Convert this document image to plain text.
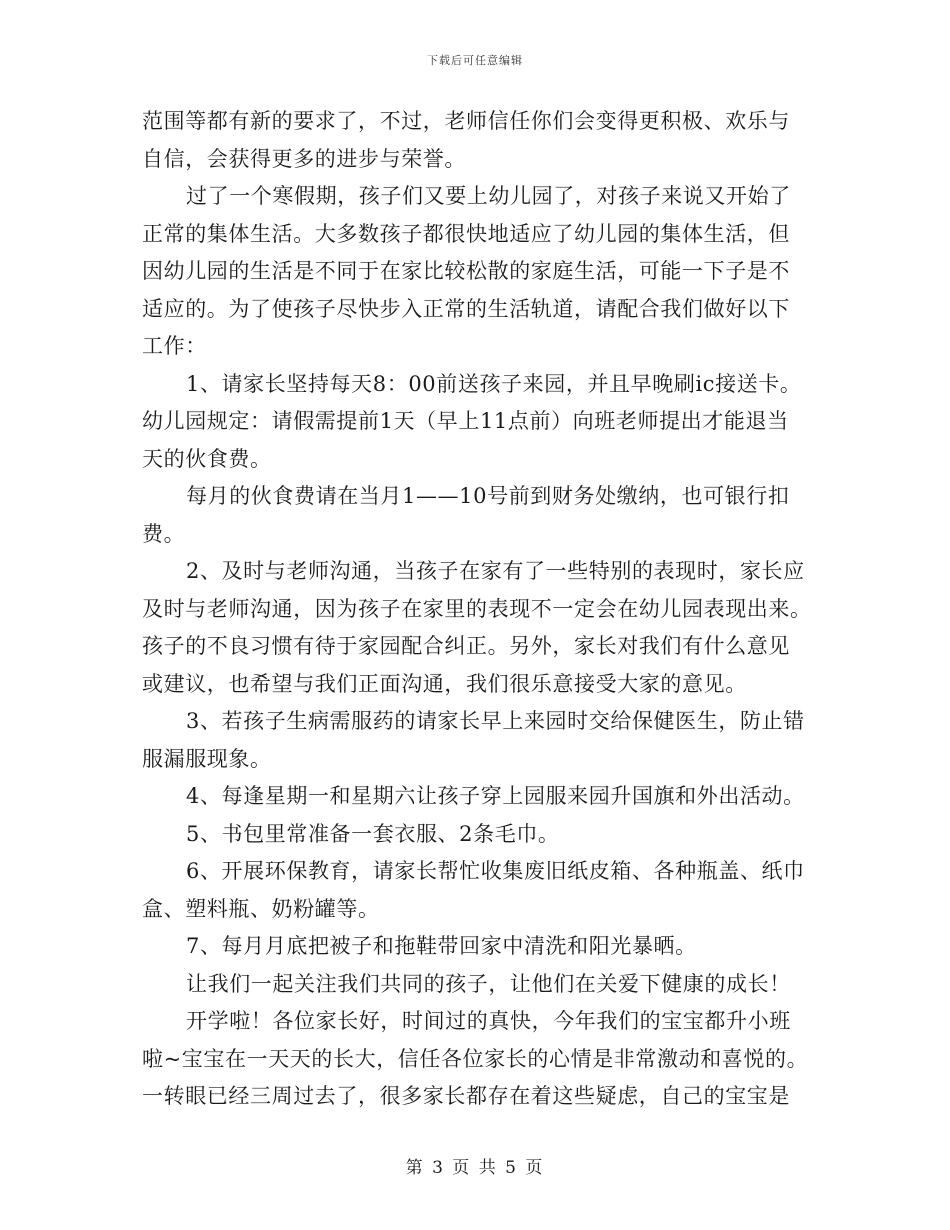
下载后可任意编辑
范围等都有新的要求了，不过，老师信任你们会变得更积极、欢乐与
自信，会获得更多的进步与荣誉。
过了一个寒假期，孩子们又要上幼儿园了，对孩子来说又开始了
正常的集体生活。大多数孩子都很快地适应了幼儿园的集体生活，但
因幼儿园的生活是不同于在家比较松散的家庭生活，可能一下子是不
适应的。为了使孩子尽快步入正常的生活轨道，请配合我们做好以下
工作：
1、请家长坚持每天8：00前送孩子来园，并且早晚刷ic接送卡。
幼儿园规定：请假需提前1天（早上11点前）向班老师提出才能退当
天的伙食费。
每月的伙食费请在当月1——10号前到财务处缴纳，也可银行扣
费。
2、及时与老师沟通，当孩子在家有了一些特别的表现时，家长应
及时与老师沟通，因为孩子在家里的表现不一定会在幼儿园表现出来。
孩子的不良习惯有待于家园配合纠正。另外，家长对我们有什么意见
或建议，也希望与我们正面沟通，我们很乐意接受大家的意见。
3、若孩子生病需服药的请家长早上来园时交给保健医生，防止错
服漏服现象。
4、每逢星期一和星期六让孩子穿上园服来园升国旗和外出活动。
5、书包里常准备一套衣服、2条毛巾。
6、开展环保教育，请家长帮忙收集废旧纸皮箱、各种瓶盖、纸巾
盒、塑料瓶、奶粉罐等。
7、每月月底把被子和拖鞋带回家中清洗和阳光暴晒。
让我们一起关注我们共同的孩子，让他们在关爱下健康的成长！
开学啦！各位家长好，时间过的真快，今年我们的宝宝都升小班
啦~宝宝在一天天的长大，信任各位家长的心情是非常激动和喜悦的。
一转眼已经三周过去了，很多家长都存在着这些疑虑，自己的宝宝是
第 3 页 共 5 页
